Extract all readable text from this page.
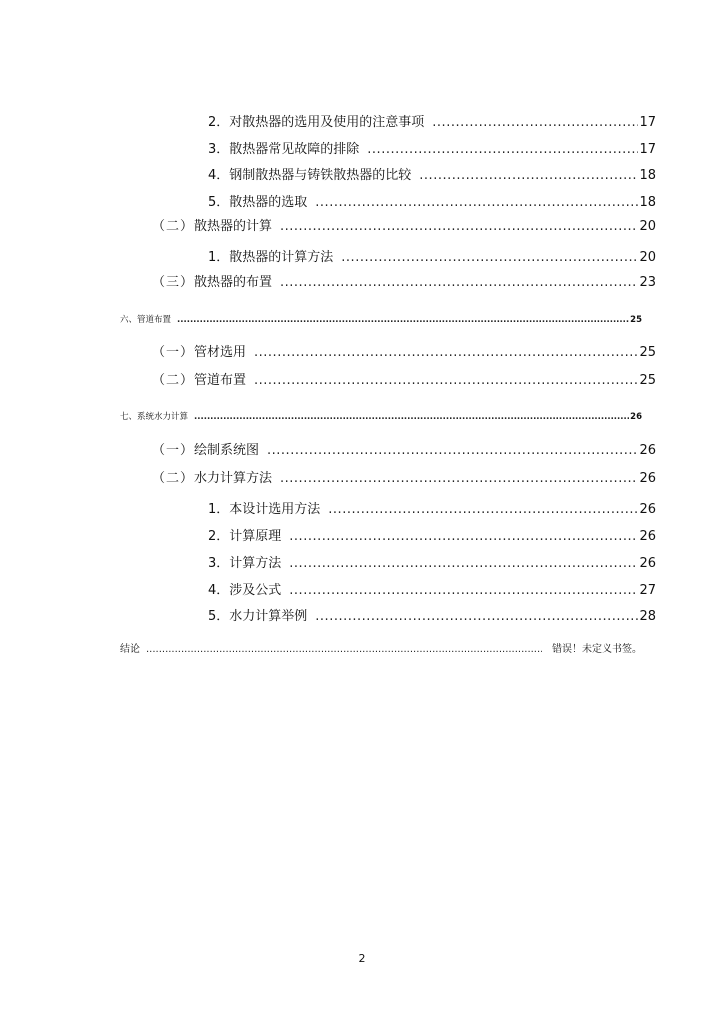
2． 对散热器的选用及使用的注意事项 .....	17
3． 散热器常见故障的排除 .....	17
4． 钢制散热器与铸铁散热器的比较 .....	18
5． 散热器的选取 .....	18
（二） 散热器的计算 .....	20
1． 散热器的计算方法 .....	20
（三） 散热器的布置 .....	23
六、 管道布置 .....	25
（一） 管材选用 .....	25
（二） 管道布置 .....	25
七、 系统水力计算 .....	26
（一） 绘制系统图 .....	26
（二） 水力计算方法 .....	26
1． 本设计选用方法 .....	26
2． 计算原理 .....	26
3． 计算方法 .....	26
4． 涉及公式 .....	27
5． 水力计算举例 .....	28
结 论 .....	错误！未定义书签。
2
